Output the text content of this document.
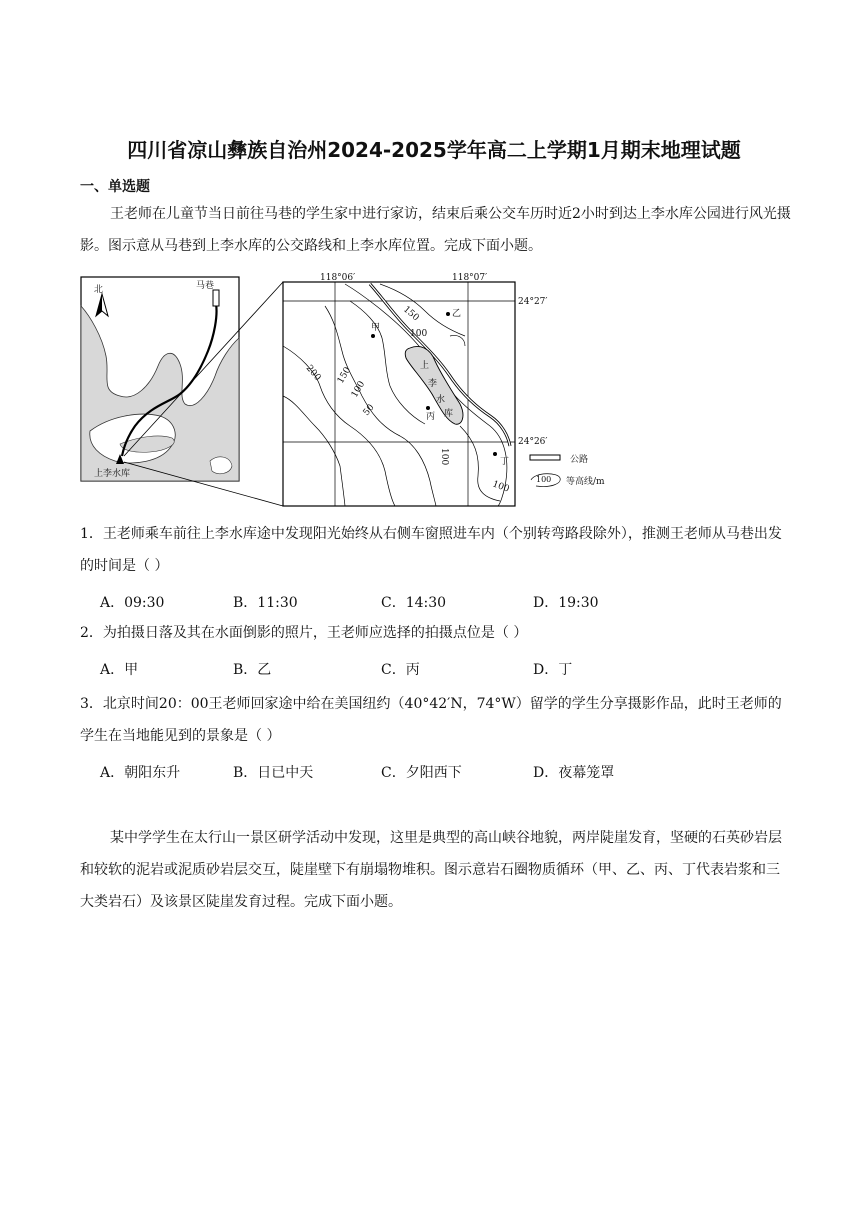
四川省凉山彝族自治州2024-2025学年高二上学期1月期末地理试题
一、单选题

王老师在儿童节当日前往马巷的学生家中进行家访，结束后乘公交车历时近2小时到达上李水库公园进行风光摄影。图示意从马巷到上李水库的公交路线和上李水库位置。完成下面小题。

马巷
上李水库
北
上
李
水
库
200 150
100
50
150
100
100
100
甲
乙
丙
丁
118°06′	118°07′
24°27′
24°26′
公路
100 等高线/m

1．王老师乘车前往上李水库途中发现阳光始终从右侧车窗照进车内（个别转弯路段除外），推测王老师从马巷出发的时间是（ ）

A．09:30	B．11:30	C．14:30	D．19:30

2．为拍摄日落及其在水面倒影的照片，王老师应选择的拍摄点位是（ ）

A．甲	B．乙	C．丙	D．丁

3．北京时间20：00王老师回家途中给在美国纽约（40°42′N，74°W）留学的学生分享摄影作品，此时王老师的学生在当地能见到的景象是（ ）

A．朝阳东升	B．日已中天	C．夕阳西下	D．夜幕笼罩

某中学学生在太行山一景区研学活动中发现，这里是典型的高山峡谷地貌，两岸陡崖发育，坚硬的石英砂岩层和较软的泥岩或泥质砂岩层交互，陡崖壁下有崩塌物堆积。图示意岩石圈物质循环（甲、乙、丙、丁代表岩浆和三大类岩石）及该景区陡崖发育过程。完成下面小题。
